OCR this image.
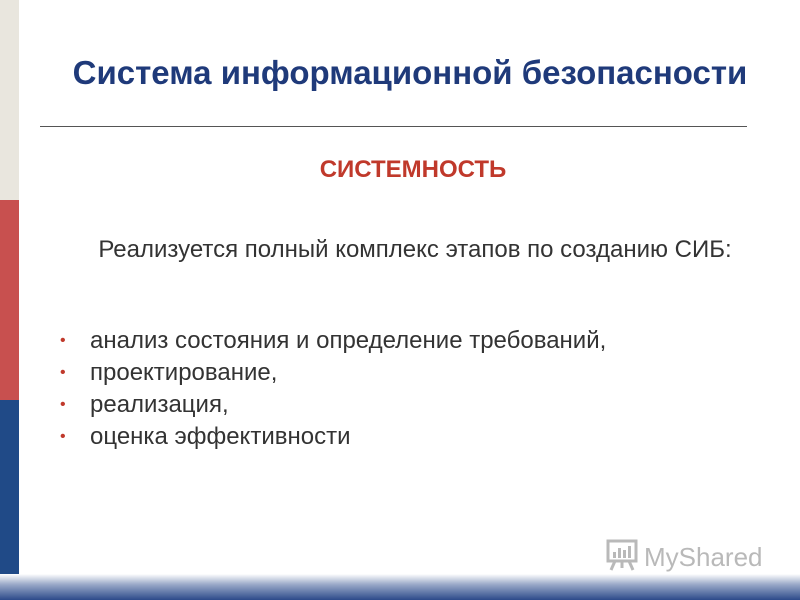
Система информационной безопасности
СИСТЕМНОСТЬ
Реализуется полный комплекс этапов по созданию СИБ:
•	анализ состояния и определение требований,
•	проектирование,
•	реализация,
•	оценка эффективности
MyShared
